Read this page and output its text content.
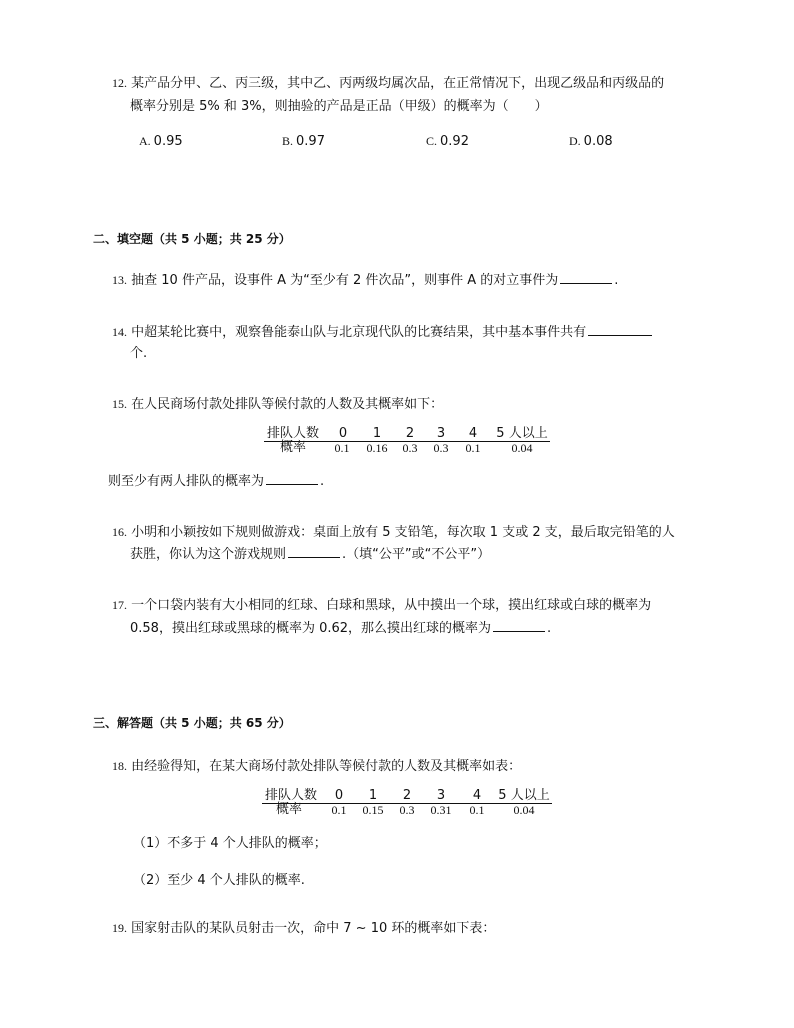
12. 某产品分甲、乙、丙三级，其中乙、丙两级均属次品，在正常情况下，出现乙级品和丙级品的
概率分别是 5% 和 3%，则抽验的产品是正品（甲级）的概率为（　　）
A. 0.95	B. 0.97	C. 0.92	D. 0.08
二、填空题（共 5 小题；共 25 分）
13. 抽查 10 件产品，设事件 A 为“至少有 2 件次品”，则事件 A 的对立事件为	.
14. 中超某轮比赛中，观察鲁能泰山队与北京现代队的比赛结果，其中基本事件共有
个.
15. 在人民商场付款处排队等候付款的人数及其概率如下：
排队人数 0 1 2 3 4 5 人以上
概率	0.1	0.16	0.3	0.3	0.1	0.04
则至少有两人排队的概率为	.
16. 小明和小颖按如下规则做游戏：桌面上放有 5 支铅笔，每次取 1 支或 2 支，最后取完铅笔的人
获胜，你认为这个游戏规则	.（填“公平”或“不公平”）
17. 一个口袋内装有大小相同的红球、白球和黑球，从中摸出一个球，摸出红球或白球的概率为
0.58，摸出红球或黑球的概率为 0.62，那么摸出红球的概率为	.
三、解答题（共 5 小题；共 65 分）
18. 由经验得知，在某大商场付款处排队等候付款的人数及其概率如表：
排队人数 0 1 2 3 4 5 人以上
概率	0.1	0.15	0.3	0.31	0.1	0.04
（1）不多于 4 个人排队的概率；
（2）至少 4 个人排队的概率.
19. 国家射击队的某队员射击一次，命中 7 ~ 10 环的概率如下表：
